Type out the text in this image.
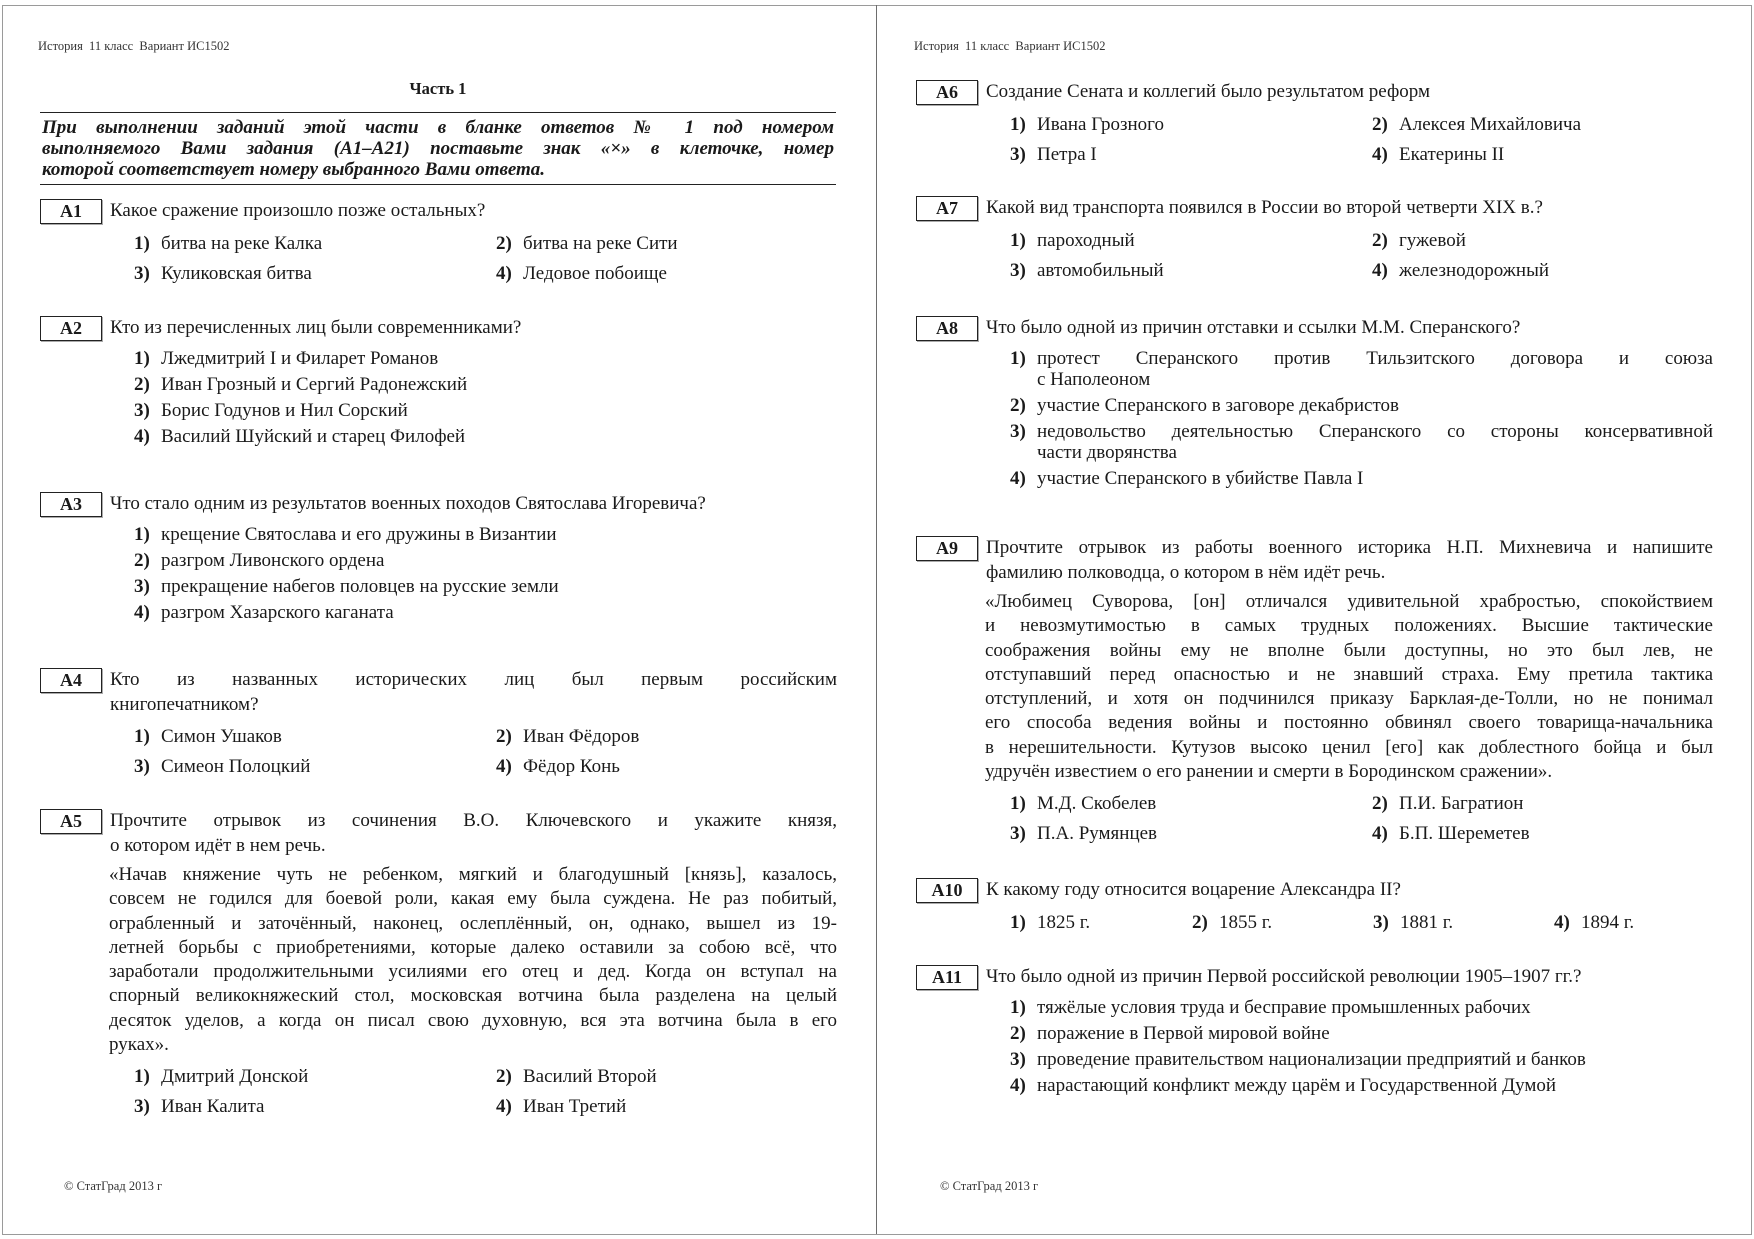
История  11 класс  Вариант ИС1502	История  11 класс  Вариант ИС1502
Часть 1
При выполнении заданий этой части в бланке ответов № 1 под номером
выполняемого Вами задания (А1–А21) поставьте знак «×» в клеточке, номер
которой соответствует номеру выбранного Вами ответа.
А1	Какое сражение произошло позже остальных?
1) битва на реке Калка	2) битва на реке Сити
3) Куликовская битва	4) Ледовое побоище
А2	Кто из перечисленных лиц были современниками?
1) Лжедмитрий I и Филарет Романов
2) Иван Грозный и Сергий Радонежский
3) Борис Годунов и Нил Сорский
4) Василий Шуйский и старец Филофей
А3	Что стало одним из результатов военных походов Святослава Игоревича?
1) крещение Святослава и его дружины в Византии
2) разгром Ливонского ордена
3) прекращение набегов половцев на русские земли
4) разгром Хазарского каганата
А4	Кто из названных исторических лиц был первым российским
книгопечатником?
1) Симон Ушаков	2) Иван Фёдоров
3) Симеон Полоцкий	4) Фёдор Конь
А5	Прочтите отрывок из сочинения В.О. Ключевского и укажите князя,
о котором идёт в нем речь.
«Начав княжение чуть не ребенком, мягкий и благодушный [князь], казалось,
совсем не годился для боевой роли, какая ему была суждена. Не раз побитый,
ограбленный и заточённый, наконец, ослеплённый, он, однако, вышел из 19-
летней борьбы с приобретениями, которые далеко оставили за собою всё, что
заработали продолжительными усилиями его отец и дед. Когда он вступал на
спорный великокняжеский стол, московская вотчина была разделена на целый
десяток уделов, а когда он писал свою духовную, вся эта вотчина была в его
руках».
1) Дмитрий Донской	2) Василий Второй
3) Иван Калита	4) Иван Третий
А6	Создание Сената и коллегий было результатом реформ
1) Ивана Грозного	2) Алексея Михайловича
3) Петра I	4) Екатерины II
А7	Какой вид транспорта появился в России во второй четверти XIX в.?
1) пароходный	2) гужевой
3) автомобильный	4) железнодорожный
А8	Что было одной из причин отставки и ссылки М.М. Сперанского?
1) протест Сперанского против Тильзитского договора и союза
с Наполеоном
2) участие Сперанского в заговоре декабристов
3) недовольство деятельностью Сперанского со стороны консервативной
части дворянства
4) участие Сперанского в убийстве Павла I
А9	Прочтите отрывок из работы военного историка Н.П. Михневича и напишите
фамилию полководца, о котором в нём идёт речь.
«Любимец Суворова, [он] отличался удивительной храбростью, спокойствием
и невозмутимостью в самых трудных положениях. Высшие тактические
соображения войны ему не вполне были доступны, но это был лев, не
отступавший перед опасностью и не знавший страха. Ему претила тактика
отступлений, и хотя он подчинился приказу Барклая-де-Толли, но не понимал
его способа ведения войны и постоянно обвинял своего товарища-начальника
в нерешительности. Кутузов высоко ценил [его] как доблестного бойца и был
удручён известием о его ранении и смерти в Бородинском сражении».
1) М.Д. Скобелев	2) П.И. Багратион
3) П.А. Румянцев	4) Б.П. Шереметев
А10	К какому году относится воцарение Александра II?
1) 1825 г.	2) 1855 г.	3) 1881 г.	4) 1894 г.
А11	Что было одной из причин Первой российской революции 1905–1907 гг.?
1) тяжёлые условия труда и бесправие промышленных рабочих
2) поражение в Первой мировой войне
3) проведение правительством национализации предприятий и банков
4) нарастающий конфликт между царём и Государственной Думой
© СтатГрад 2013 г	© СтатГрад 2013 г
